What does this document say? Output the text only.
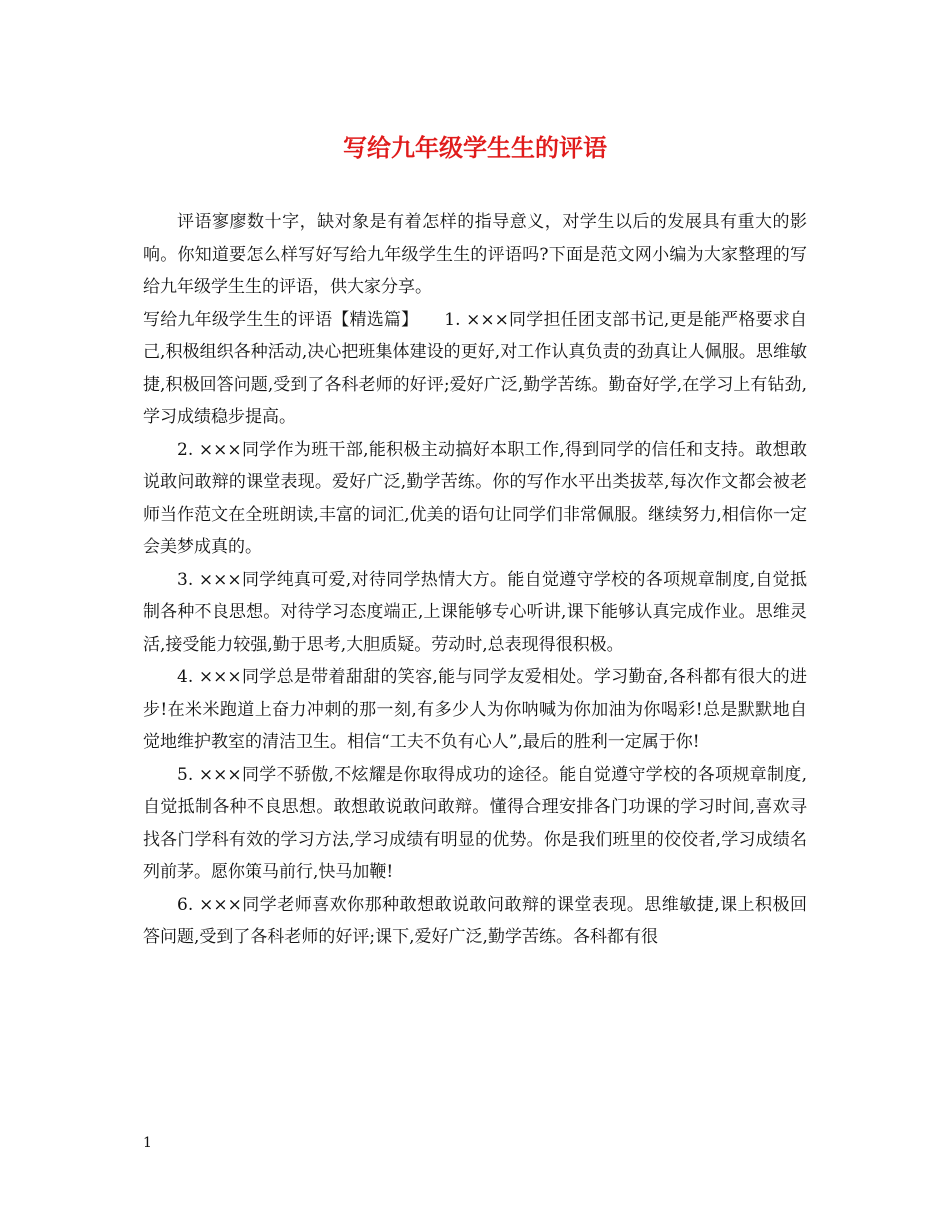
写给九年级学生生的评语

评语寥廖数十字，缺对象是有着怎样的指导意义，对学生以后的发展具有重大的影响。你知道要怎么样写好写给九年级学生生的评语吗?下面是范文网小编为大家整理的写给九年级学生生的评语，供大家分享。

写给九年级学生生的评语【精选篇】　　1. ×××同学担任团支部书记,更是能严格要求自己,积极组织各种活动,决心把班集体建设的更好,对工作认真负责的劲真让人佩服。思维敏捷,积极回答问题,受到了各科老师的好评;爱好广泛,勤学苦练。勤奋好学,在学习上有钻劲,学习成绩稳步提高。

2. ×××同学作为班干部,能积极主动搞好本职工作,得到同学的信任和支持。敢想敢说敢问敢辩的课堂表现。爱好广泛,勤学苦练。你的写作水平出类拔萃,每次作文都会被老师当作范文在全班朗读,丰富的词汇,优美的语句让同学们非常佩服。继续努力,相信你一定会美梦成真的。

3. ×××同学纯真可爱,对待同学热情大方。能自觉遵守学校的各项规章制度,自觉抵制各种不良思想。对待学习态度端正,上课能够专心听讲,课下能够认真完成作业。思维灵活,接受能力较强,勤于思考,大胆质疑。劳动时,总表现得很积极。

4. ×××同学总是带着甜甜的笑容,能与同学友爱相处。学习勤奋,各科都有很大的进步!在米米跑道上奋力冲刺的那一刻,有多少人为你呐喊为你加油为你喝彩!总是默默地自觉地维护教室的清洁卫生。相信“工夫不负有心人”,最后的胜利一定属于你!

5. ×××同学不骄傲,不炫耀是你取得成功的途径。能自觉遵守学校的各项规章制度,自觉抵制各种不良思想。敢想敢说敢问敢辩。懂得合理安排各门功课的学习时间,喜欢寻找各门学科有效的学习方法,学习成绩有明显的优势。你是我们班里的佼佼者,学习成绩名列前茅。愿你策马前行,快马加鞭!

6. ×××同学老师喜欢你那种敢想敢说敢问敢辩的课堂表现。思维敏捷,课上积极回答问题,受到了各科老师的好评;课下,爱好广泛,勤学苦练。各科都有很

1
